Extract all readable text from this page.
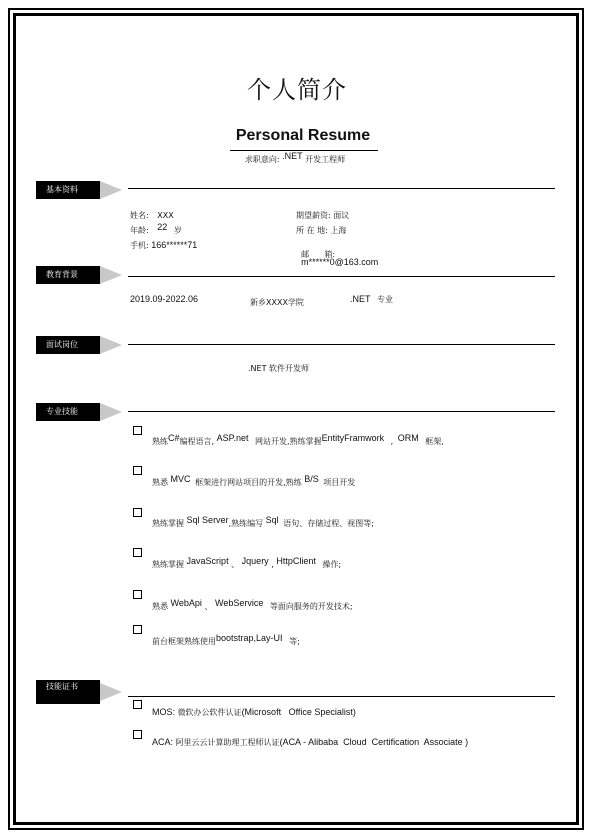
个人简介
Personal Resume
求职意向: .NET 开发工程师
基本资料
姓名: XXX
年龄: 22 岁
手机: 166******71
期望薪资: 面议
所 在 地: 上海

邮      箱:
m******0@163.com

教育背景
2019.09-2022.06	新乡XXXX学院	.NET 专业
面试岗位
.NET 软件开发师
专业技能
熟练C#编程语言, ASP.net 网站开发,熟练掌握EntityFramwork , ORM 框架,
熟悉 MVC 框架进行网站项目的开发,熟练 B/S 项目开发
熟练掌握 Sql Server,熟练编写 Sql 语句、存储过程、视图等;
熟练掌握 JavaScript 、 Jquery , HttpClient 操作;
熟悉 WebApi 、 WebService 等面向服务的开发技术;
前台框架熟练使用bootstrap,Lay-UI 等;
技能证书
MOS: 微软办公软件认证(Microsoft   Office Specialist)
ACA: 阿里云云计算助理工程师认证(ACA - Alibaba  Cloud  Certification  Associate )
